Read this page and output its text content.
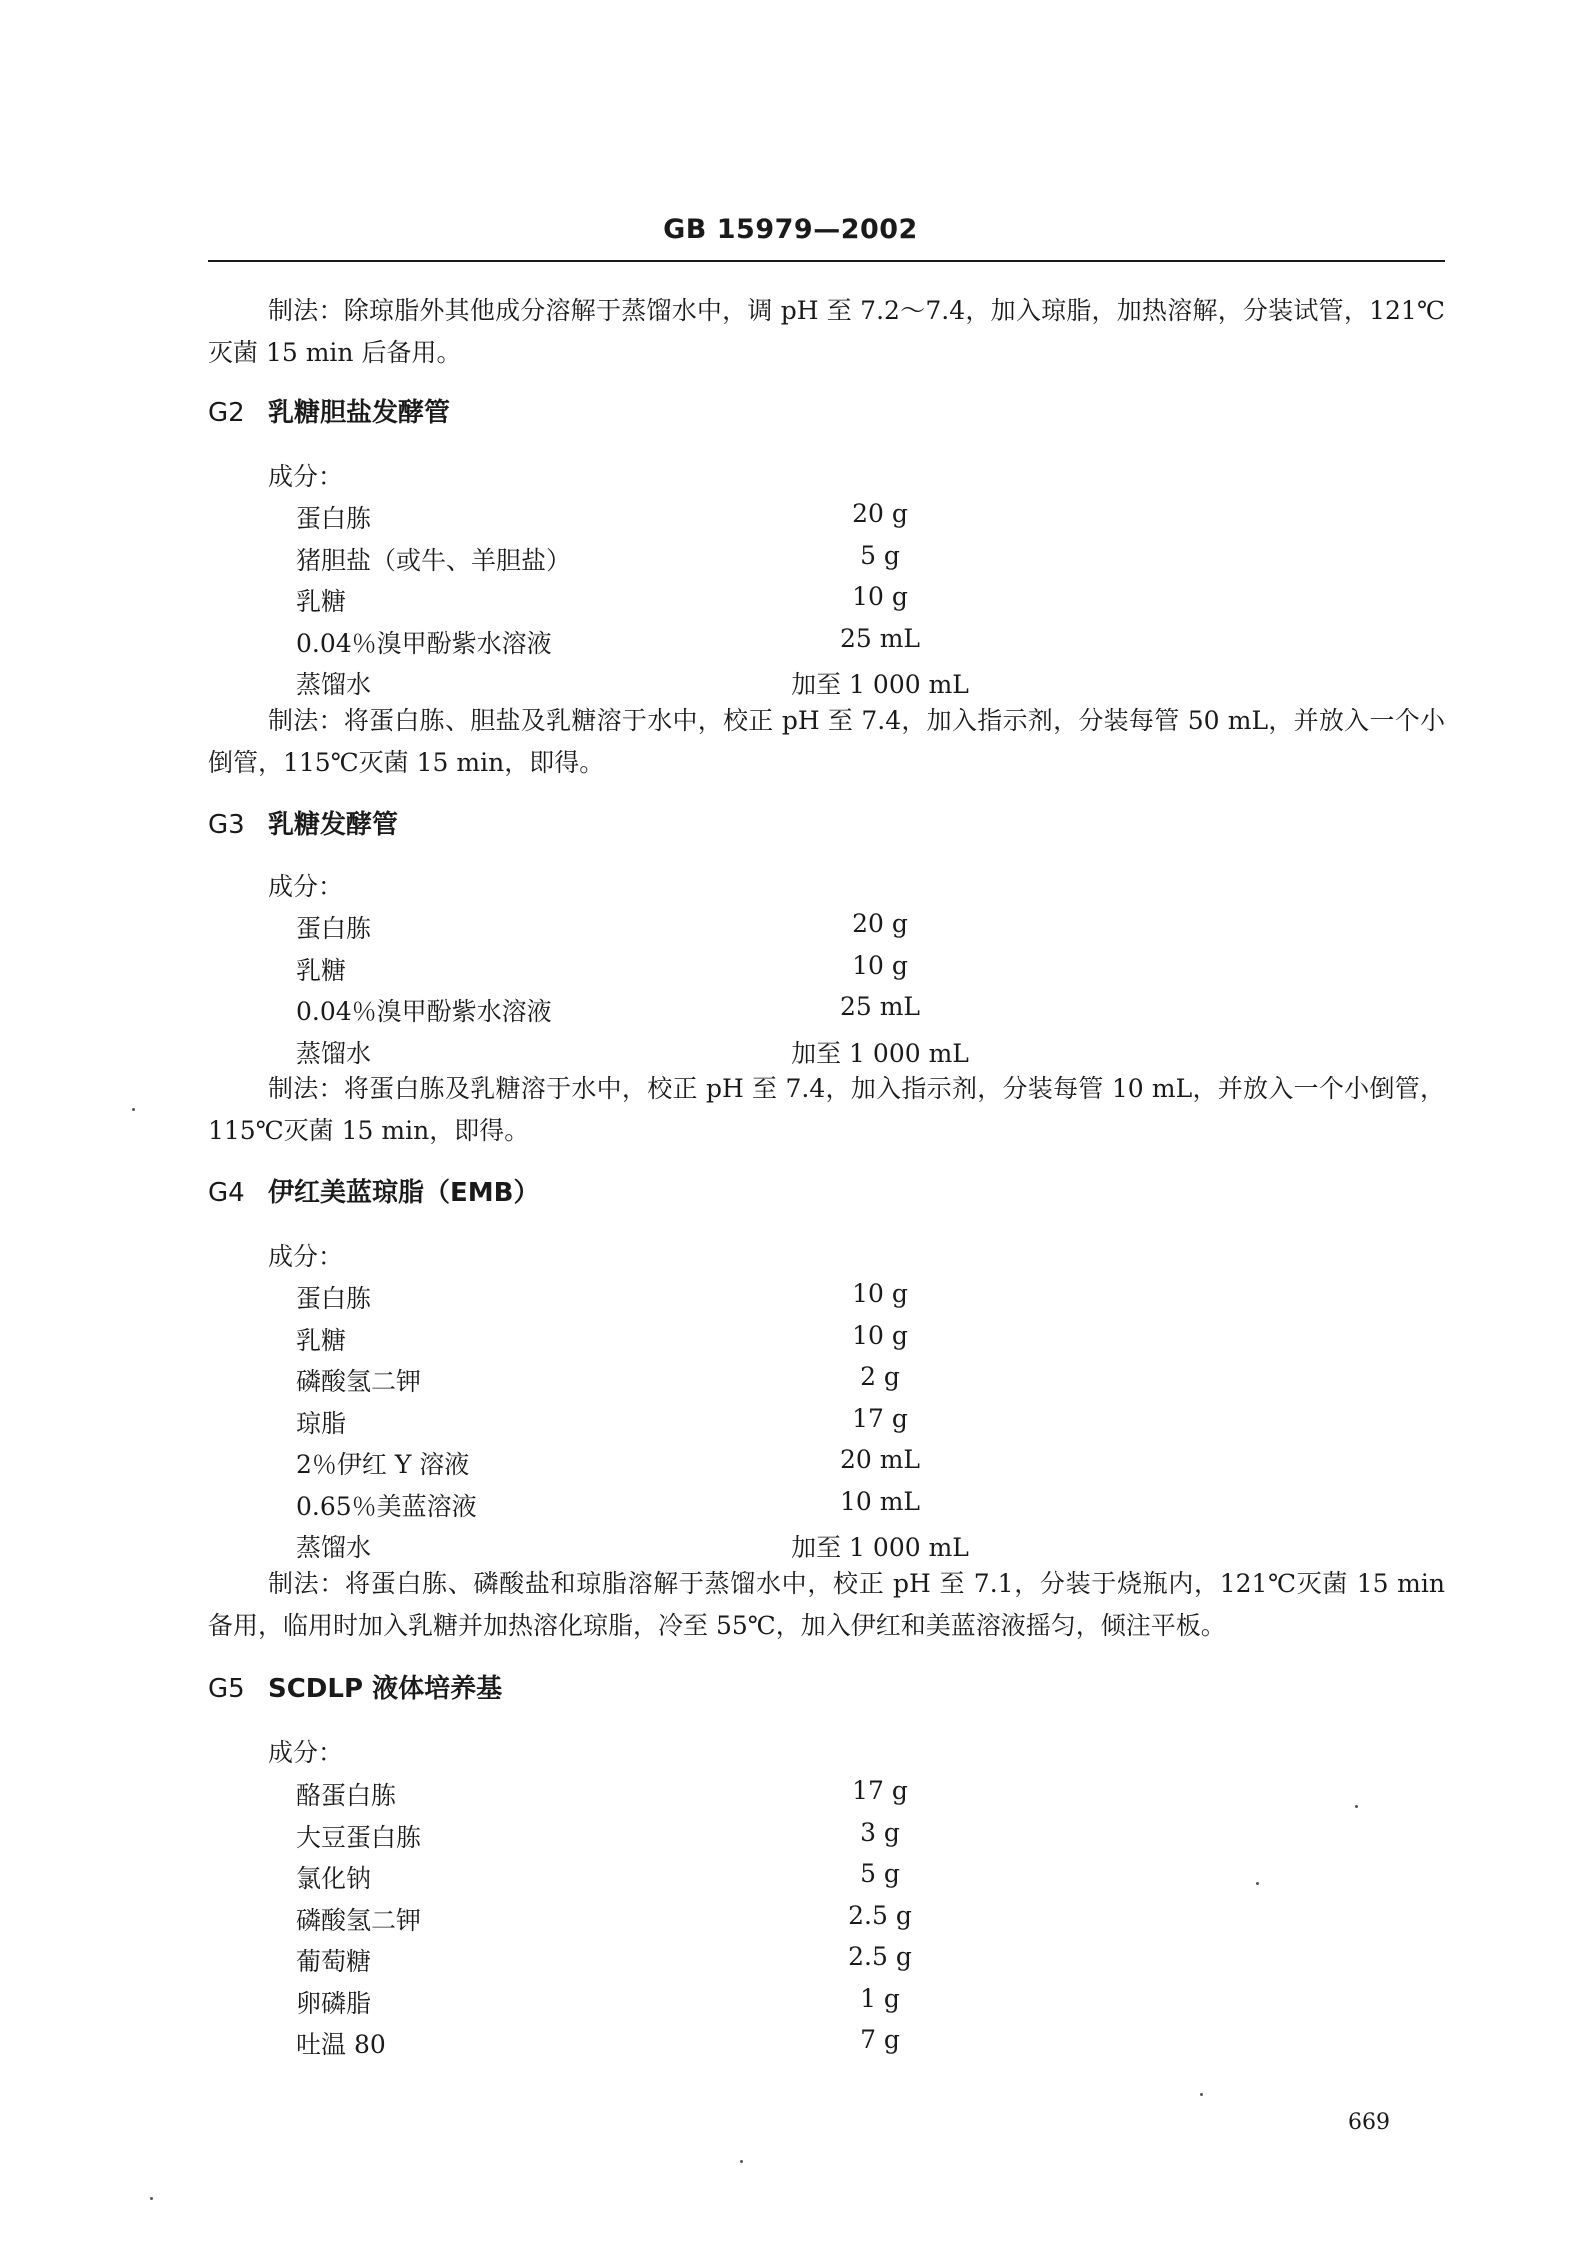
GB 15979—2002

制法：除琼脂外其他成分溶解于蒸馏水中，调 pH 至 7.2～7.4，加入琼脂，加热溶解，分装试管，121℃灭菌 15 min 后备用。

G2 乳糖胆盐发酵管
成分：
蛋白胨	20 g
猪胆盐（或牛、羊胆盐）	5 g
乳糖	10 g
0.04％溴甲酚紫水溶液	25 mL
蒸馏水	加至 1 000 mL

制法：将蛋白胨、胆盐及乳糖溶于水中，校正 pH 至 7.4，加入指示剂，分装每管 50 mL，并放入一个小倒管，115℃灭菌 15 min，即得。

G3 乳糖发酵管
成分：
蛋白胨	20 g
乳糖	10 g
0.04％溴甲酚紫水溶液	25 mL
蒸馏水	加至 1 000 mL

制法：将蛋白胨及乳糖溶于水中，校正 pH 至 7.4，加入指示剂，分装每管 10 mL，并放入一个小倒管，115℃灭菌 15 min，即得。

G4 伊红美蓝琼脂（EMB）
成分：
蛋白胨	10 g
乳糖	10 g
磷酸氢二钾	2 g
琼脂	17 g
2％伊红 Y 溶液	20 mL
0.65％美蓝溶液	10 mL
蒸馏水	加至 1 000 mL

制法：将蛋白胨、磷酸盐和琼脂溶解于蒸馏水中，校正 pH 至 7.1，分装于烧瓶内，121℃灭菌 15 min 备用，临用时加入乳糖并加热溶化琼脂，冷至 55℃，加入伊红和美蓝溶液摇匀，倾注平板。

G5 SCDLP 液体培养基
成分：
酪蛋白胨	17 g
大豆蛋白胨	3 g
氯化钠	5 g
磷酸氢二钾	2.5 g
葡萄糖	2.5 g
卵磷脂	1 g
吐温 80	7 g
669
